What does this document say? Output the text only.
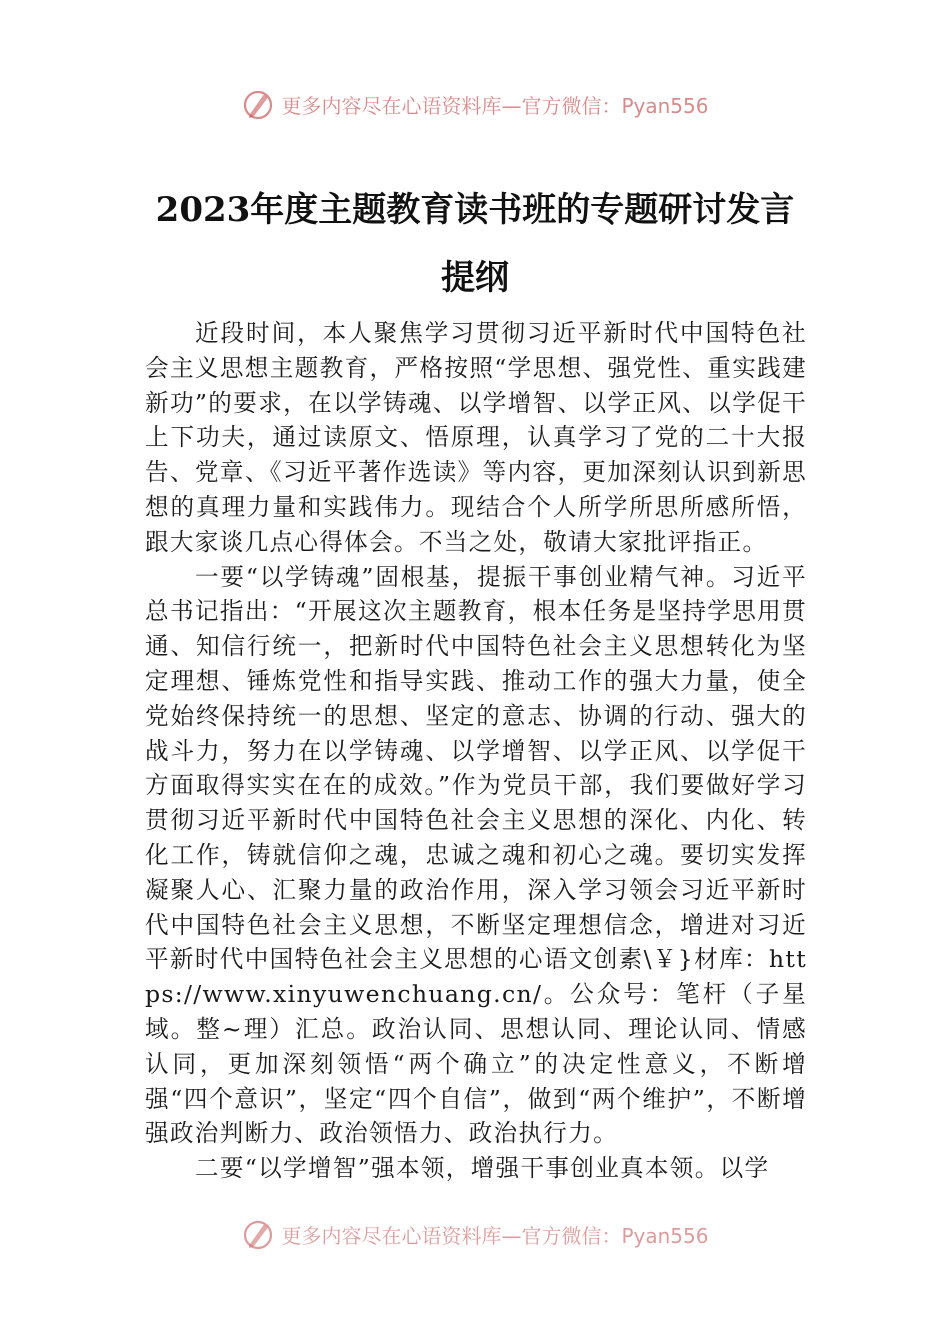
更多内容尽在心语资料库—官方微信：Pyan556
2023年度主题教育读书班的专题研讨发言
提纲

近段时间，本人聚焦学习贯彻习近平新时代中国特色社会主义思想主题教育，严格按照“学思想、强党性、重实践建新功”的要求，在以学铸魂、以学增智、以学正风、以学促干上下功夫，通过读原文、悟原理，认真学习了党的二十大报告、党章、《习近平著作选读》等内容，更加深刻认识到新思想的真理力量和实践伟力。现结合个人所学所思所感所悟，跟大家谈几点心得体会。不当之处，敬请大家批评指正。

一要“以学铸魂”固根基，提振干事创业精气神。习近平总书记指出：“开展这次主题教育，根本任务是坚持学思用贯通、知信行统一，把新时代中国特色社会主义思想转化为坚定理想、锤炼党性和指导实践、推动工作的强大力量，使全党始终保持统一的思想、坚定的意志、协调的行动、强大的战斗力，努力在以学铸魂、以学增智、以学正风、以学促干方面取得实实在在的成效。”作为党员干部，我们要做好学习贯彻习近平新时代中国特色社会主义思想的深化、内化、转化工作，铸就信仰之魂，忠诚之魂和初心之魂。要切实发挥凝聚人心、汇聚力量的政治作用，深入学习领会习近平新时代中国特色社会主义思想，不断坚定理想信念，增进对习近平新时代中国特色社会主义思想的心语文创素\￥}材库：https://www.xinyuwenchuang.cn/。公众号：笔杆（子星域。整~理）汇总。政治认同、思想认同、理论认同、情感认同，更加深刻领悟“两个确立”的决定性意义，不断增强“四个意识”，坚定“四个自信”，做到“两个维护”，不断增强政治判断力、政治领悟力、政治执行力。

二要“以学增智”强本领，增强干事创业真本领。以学

更多内容尽在心语资料库—官方微信：Pyan556
